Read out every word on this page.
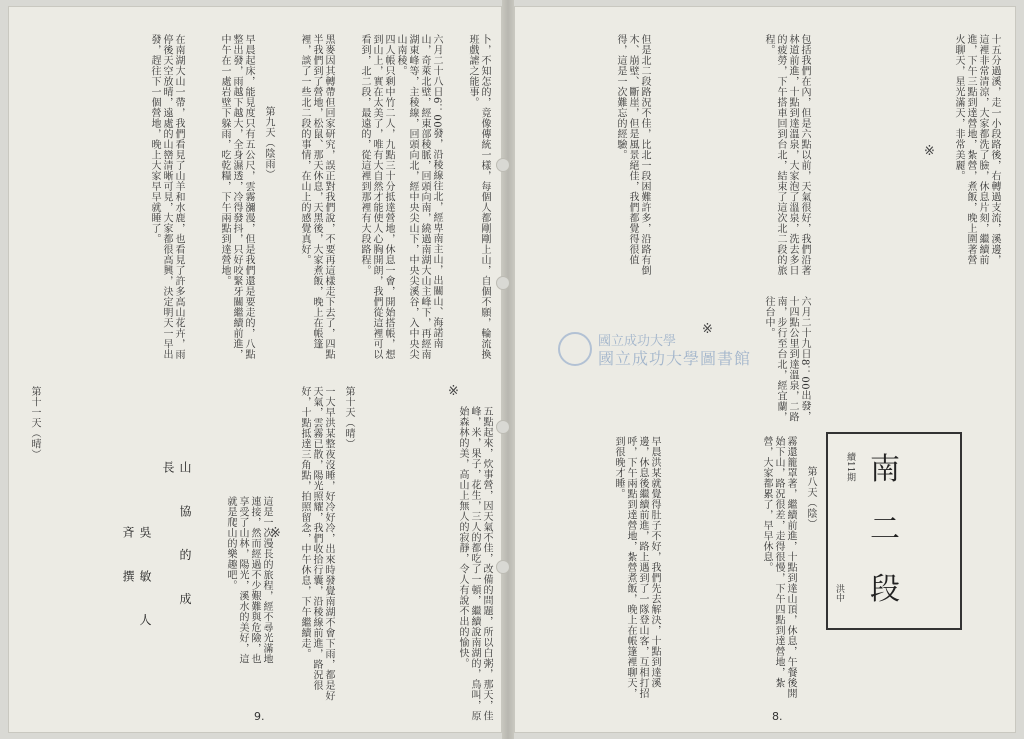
卜，不知怎的，竟像傳統一樣，每個人都剛剛上山，自個不願，輪流換班戲謔之能事。
※
六月二十八日6：00發，沿稜線往北，經卑南主山，出關山、海諾南山，奇萊北壁，經東部稜脈，回頭向南，繞過南湖大山主峰下，再經南湖東峰等，主稜線，回頭向北，經中央尖山下，中央尖溪谷，入中央尖山南稜。
五點起來，炊事營，因天氣不佳，改備的問題，所以白粥，那天，佳峰，米，果子，花生，三人的都吃了一頓，繼續說南湖的，鳥叫，原始森林的美，高山上無人的寂靜，令人有說不出的愉快。
四人帳只剩中竹二人，九點三十分抵達營地，休息一會，開始搭帳，想到山上，實在太美了，唯有大自然才能使人心胸開朗，我們從這裡可以看到，北二段，最遠的，從這裡到那裡有大段路程。
黑麥因其轉帶但回家研究，誤正對我們說，不要再這樣走下去了，四點半我們到了營地，松鼠、那天休息，天黑後，大家煮飯，晚上在帳篷裡，談了一些北二段的事情，在山上的感覺真好。
第九天（陰雨）
早晨起床，能見度只有五公尺，雲霧瀰漫，但是我們還是要走的，八點整出發，雨越下越大，全身濕透，冷得發抖，只好咬緊牙關繼續前進，中午在一處岩壁下躲雨，吃乾糧，下午兩點到達營地。
在南湖大山一帶，我們看見了山羊和水鹿，也看見了許多高山花卉，雨停後天空放晴，遠處的山巒清晰可見，大家都很高興，決定明天一早出發，趕往下一個營地，晚上大家早早就睡了。
第十天（晴）
一大早洪某整夜沒睡，好冷好冷，出來時發覺南湖不會下雨，都是好天氣，雲霧已散，陽光照耀，我們收拾行囊，沿稜線前進，路況很好，十點抵達三角點，拍照留念，中午休息，下午繼續走。
第十一天（晴）
這是一次漫長的旅程，經不尋光滿地連接，然而經過不少艱難與危險，也享受了山林，陽光，溪水的美好，這就是爬山的樂趣吧。	※
山 協 的 成 長
吳 敏 人 斉 撰
9.
十五分過溪，走一小段路後，右轉過支流，溪邊，這裡非常清涼，大家都洗了臉，休息片刻，繼續前進，下午三點到達營地，紮營，煮飯，晚上圍著營火聊天，星光滿天，非常美麗。
※
六月二十九日8：00出發，十四點公里到達溫泉，二路南，步行至台北，經宜蘭，往台中。
包括我們在內，但是六點以前，天氣很好，我們沿著林道前進，十點到達溫泉，大家泡了溫泉，洗去多日的疲勞，下午搭車回到台北，結束了這次北二段的旅程。
但是北二段路況不佳，比北一段困難許多，沿路有倒木、崩壁、斷崖，但是風景絕佳，我們都覺得很值得，這是一次難忘的經驗。
※
第八天（陰）
霧還籠罩著，繼續前進，十點到達山頂，休息，午餐後開始下山，路況很差，走得很慢，下午四點到達營地，紮營，大家都累了，早早休息。
早晨洪某就覺得肚子不好，我們先去解決，十點到達溪邊，休息後繼續前進，路上遇到了一隊登山客，互相打招呼，下午兩點到達營地，紮營煮飯，晚上在帳篷裡聊天，到很晚才睡。
8.
南
二
段
續11期
洪中
國立成功大學
國立成功大學圖書館
